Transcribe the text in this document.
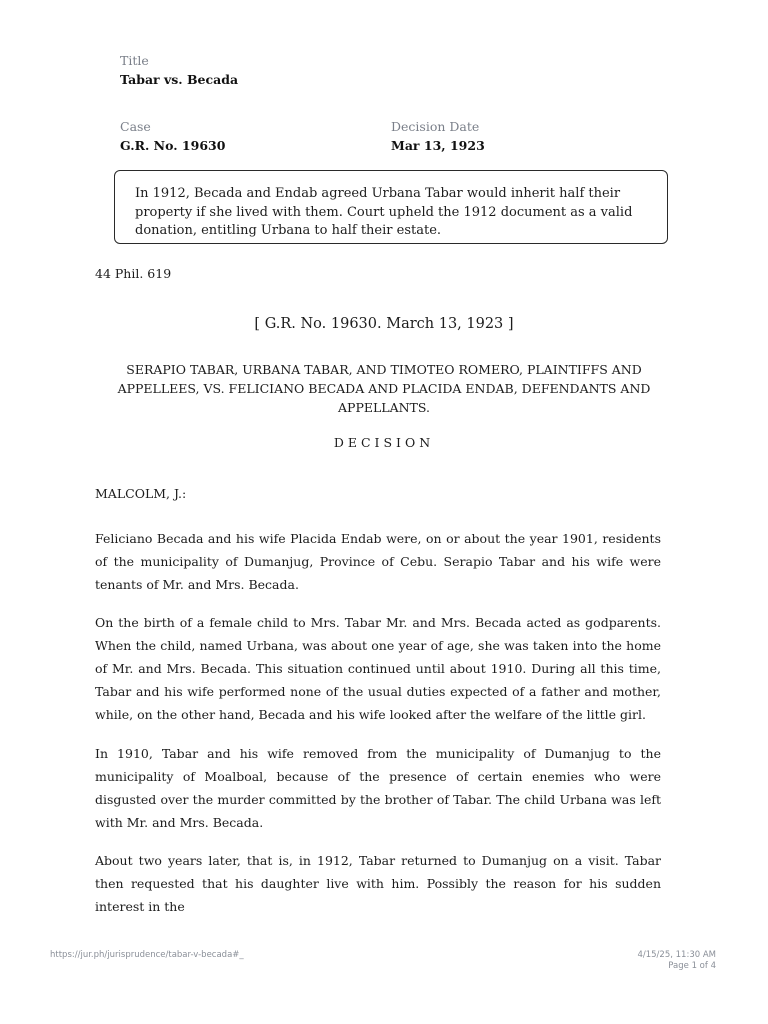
Title
Tabar vs. Becada
Case
G.R. No. 19630
Decision Date
Mar 13, 1923
In 1912, Becada and Endab agreed Urbana Tabar would inherit half their property if she lived with them. Court upheld the 1912 document as a valid donation, entitling Urbana to half their estate.
44 Phil. 619
[ G.R. No. 19630. March 13, 1923 ]
SERAPIO TABAR, URBANA TABAR, AND TIMOTEO ROMERO, PLAINTIFFS AND APPELLEES, VS. FELICIANO BECADA AND PLACIDA ENDAB, DEFENDANTS AND APPELLANTS.
DECISION
MALCOLM, J.:

Feliciano Becada and his wife Placida Endab were, on or about the year 1901, residents of the municipality of Dumanjug, Province of Cebu. Serapio Tabar and his wife were tenants of Mr. and Mrs. Becada.

On the birth of a female child to Mrs. Tabar Mr. and Mrs. Becada acted as godparents. When the child, named Urbana, was about one year of age, she was taken into the home of Mr. and Mrs. Becada. This situation continued until about 1910. During all this time, Tabar and his wife performed none of the usual duties expected of a father and mother, while, on the other hand, Becada and his wife looked after the welfare of the little girl.

In 1910, Tabar and his wife removed from the municipality of Dumanjug to the municipality of Moalboal, because of the presence of certain enemies who were disgusted over the murder committed by the brother of Tabar. The child Urbana was left with Mr. and Mrs. Becada.

About two years later, that is, in 1912, Tabar returned to Dumanjug on a visit. Tabar then requested that his daughter live with him. Possibly the reason for his sudden interest in the

https://jur.ph/jurisprudence/tabar-v-becada#_	4/15/25, 11:30 AM
Page 1 of 4
